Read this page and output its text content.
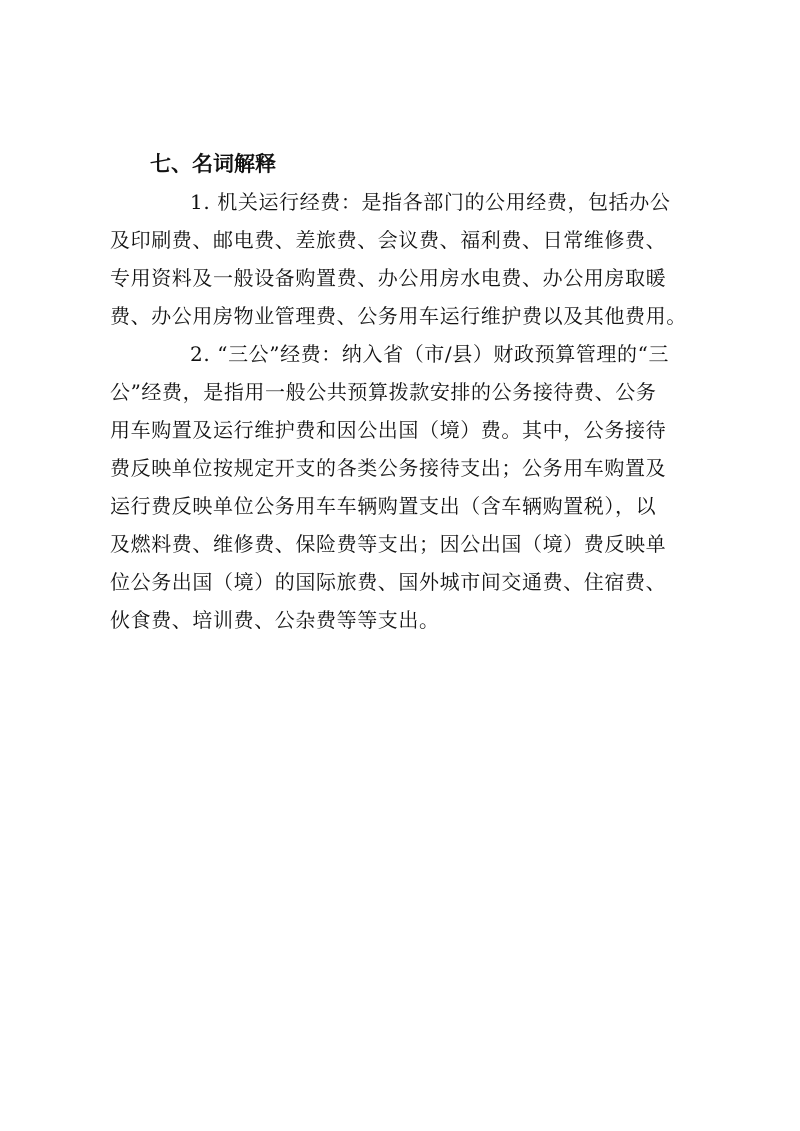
七、名词解释
1. 机关运行经费：是指各部门的公用经费，包括办公
及印刷费、邮电费、差旅费、会议费、福利费、日常维修费、
专用资料及一般设备购置费、办公用房水电费、办公用房取暖
费、办公用房物业管理费、公务用车运行维护费以及其他费用。
2. “三公”经费：纳入省（市/县）财政预算管理的“三
公”经费，是指用一般公共预算拨款安排的公务接待费、公务
用车购置及运行维护费和因公出国（境）费。其中，公务接待
费反映单位按规定开支的各类公务接待支出；公务用车购置及
运行费反映单位公务用车车辆购置支出（含车辆购置税），以
及燃料费、维修费、保险费等支出；因公出国（境）费反映单
位公务出国（境）的国际旅费、国外城市间交通费、住宿费、
伙食费、培训费、公杂费等等支出。
